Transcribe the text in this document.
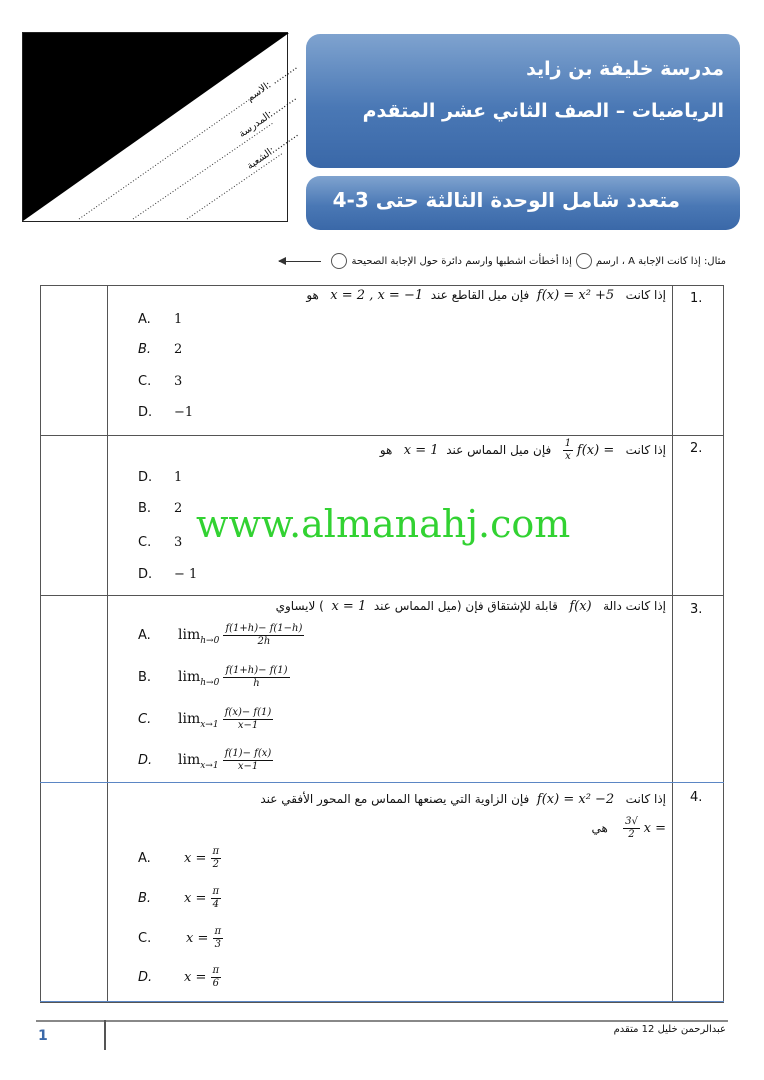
الاسم: .........
المدرسة:.........
الشعبة:.........
مدرسة خليفة بن زايد
الرياضيات – الصف الثاني عشر المتقدم
متعدد شامل الوحدة الثالثة حتى 3-4
مثال: إذا كانت الإجابة A ، ارسم
إذا أخطأت اشطبها وارسم دائرة حول الإجابة الصحيحة
.1
إذا كانت   f(x) = x² +5  فإن ميل القاطع عند  x = 2 , x = −1   هو
A. 1
B. 2
C. 3
D. −1
.2
إذا كانت   f(x) =
$\frac{1}{x}$
فإن ميل المماس عند  x = 1   هو
D. 1
B. 2
C. 3
D. − 1
www.almanahj.com
.3
إذا كانت دالة   f(x)   قابلة للإشتقاق فإن (ميل المماس عند  x = 1  ) لايساوي
A. $\lim_{h\to 0} \frac{f(1+h)- f(1-h)}{2h}$
B. $\lim_{h\to 0} \frac{f(1+h)- f(1)}{h}$
C. $\lim_{x\to 1} \frac{f(x)- f(1)}{x-1}$
D. $\lim_{x\to 1} \frac{f(1)- f(x)}{x-1}$
.4
إذا كانت   f(x) = x² −2  فإن الزاوية التي يصنعها المماس مع المحور الأفقي عند
x =
$\frac{√3}{2}$
هي
A.	$x = \frac{\pi}{2}$
B.	$x = \frac{\pi}{4}$
C.	$x = \frac{\pi}{3}$
D. $x = \frac{\pi}{6}$
1	عبدالرحمن خليل 12 متقدم
